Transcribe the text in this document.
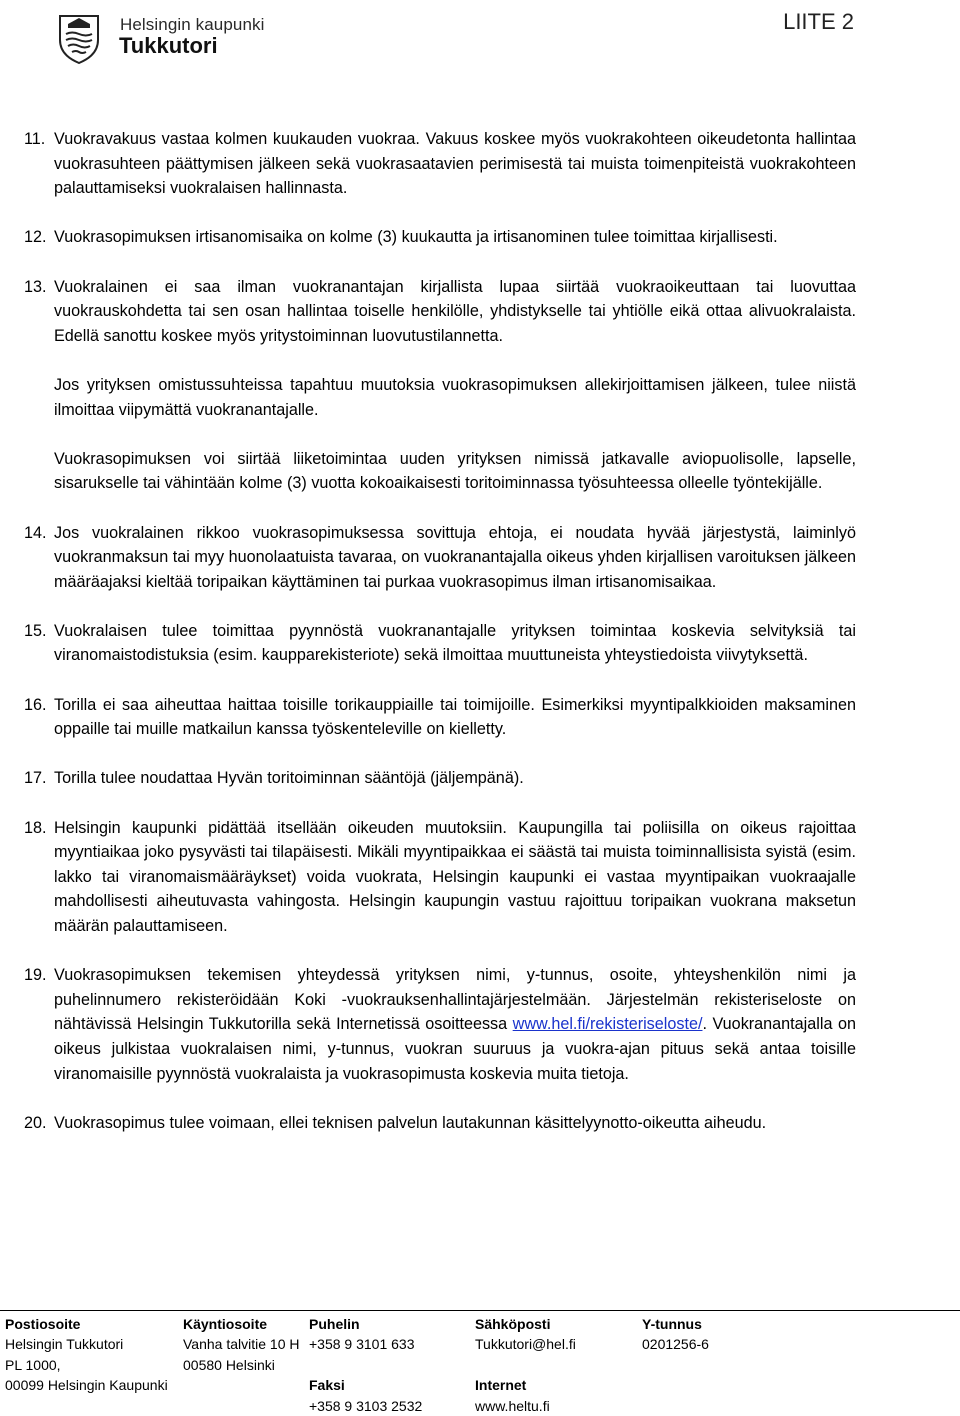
Helsingin kaupunki
Tukkutori
LIITE 2
11. Vuokravakuus vastaa kolmen kuukauden vuokraa. Vakuus koskee myös vuokrakohteen oikeudetonta hallintaa vuokrasuhteen päättymisen jälkeen sekä vuokrasaatavien perimisestä tai muista toimenpiteistä vuokrakohteen palauttamiseksi vuokralaisen hallinnasta.

12. Vuokrasopimuksen irtisanomisaika on kolme (3) kuukautta ja irtisanominen tulee toimittaa kirjallisesti.

13. Vuokralainen ei saa ilman vuokranantajan kirjallista lupaa siirtää vuokraoikeuttaan tai luovuttaa vuokrauskohdetta tai sen osan hallintaa toiselle henkilölle, yhdistykselle tai yhtiölle eikä ottaa alivuokralaista. Edellä sanottu koskee myös yritystoiminnan luovutustilannetta.

Jos yrityksen omistussuhteissa tapahtuu muutoksia vuokrasopimuksen allekirjoittamisen jälkeen, tulee niistä ilmoittaa viipymättä vuokranantajalle.

Vuokrasopimuksen voi siirtää liiketoimintaa uuden yrityksen nimissä jatkavalle aviopuolisolle, lapselle, sisarukselle tai vähintään kolme (3) vuotta kokoaikaisesti toritoiminnassa työsuhteessa olleelle työntekijälle.

14. Jos vuokralainen rikkoo vuokrasopimuksessa sovittuja ehtoja, ei noudata hyvää järjestystä, laiminlyö vuokranmaksun tai myy huonolaatuista tavaraa, on vuokranantajalla oikeus yhden kirjallisen varoituksen jälkeen määräajaksi kieltää toripaikan käyttäminen tai purkaa vuokrasopimus ilman irtisanomisaikaa.

15. Vuokralaisen tulee toimittaa pyynnöstä vuokranantajalle yrityksen toimintaa koskevia selvityksiä tai viranomaistodistuksia (esim. kaupparekisteriote) sekä ilmoittaa muuttuneista yhteystiedoista viivytyksettä.

16. Torilla ei saa aiheuttaa haittaa toisille torikauppiaille tai toimijoille. Esimerkiksi myyntipalkkioiden maksaminen oppaille tai muille matkailun kanssa työskenteleville on kielletty.

17. Torilla tulee noudattaa Hyvän toritoiminnan sääntöjä (jäljempänä).

18. Helsingin kaupunki pidättää itsellään oikeuden muutoksiin. Kaupungilla tai poliisilla on oikeus rajoittaa myyntiaikaa joko pysyvästi tai tilapäisesti. Mikäli myyntipaikkaa ei säästä tai muista toiminnallisista syistä (esim. lakko tai viranomaismääräykset) voida vuokrata, Helsingin kaupunki ei vastaa myyntipaikan vuokraajalle mahdollisesti aiheutuvasta vahingosta. Helsingin kaupungin vastuu rajoittuu toripaikan vuokrana maksetun määrän palauttamiseen.

19. Vuokrasopimuksen tekemisen yhteydessä yrityksen nimi, y-tunnus, osoite, yhteyshenkilön nimi ja puhelinnumero rekisteröidään Koki -vuokrauksenhallintajärjestelmään. Järjestelmän rekisteriseloste on nähtävissä Helsingin Tukkutorilla sekä Internetissä osoitteessa www.hel.fi/rekisteriseloste/. Vuokranantajalla on oikeus julkistaa vuokralaisen nimi, y-tunnus, vuokran suuruus ja vuokra-ajan pituus sekä antaa toisille viranomaisille pyynnöstä vuokralaista ja vuokrasopimusta koskevia muita tietoja.

20. Vuokrasopimus tulee voimaan, ellei teknisen palvelun lautakunnan käsittelyynotto-oikeutta aiheudu.

Postiosoite
Helsingin Tukkutori
PL 1000,
00099 Helsingin Kaupunki
Käyntiosoite
Vanha talvitie 10 H
00580 Helsinki
Puhelin
+358 9 3101 633
Faksi
+358 9 3103 2532
Sähköposti
Tukkutori@hel.fi
Internet
www.heltu.fi
Y-tunnus
0201256-6
